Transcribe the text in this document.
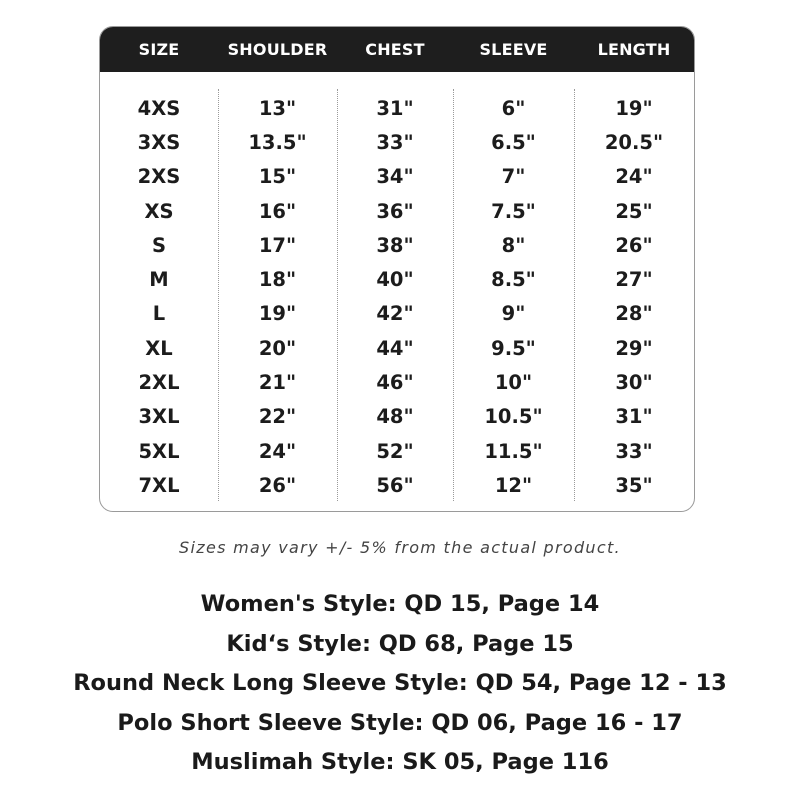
SIZE	SHOULDER	CHEST	SLEEVE	LENGTH
4XS	13"	31"	6"	19"
3XS	13.5"	33"	6.5"	20.5"
2XS	15"	34"	7"	24"
XS	16"	36"	7.5"	25"
S	17"	38"	8"	26"
M	18"	40"	8.5"	27"
L	19"	42"	9"	28"
XL	20"	44"	9.5"	29"
2XL	21"	46"	10"	30"
3XL	22"	48"	10.5"	31"
5XL	24"	52"	11.5"	33"
7XL	26"	56"	12"	35"
Sizes may vary +/- 5% from the actual product.
Women's Style: QD 15, Page 14
Kid‘s Style: QD 68, Page 15
Round Neck Long Sleeve Style: QD 54, Page 12 - 13
Polo Short Sleeve Style: QD 06, Page 16 - 17
Muslimah Style: SK 05, Page 116
